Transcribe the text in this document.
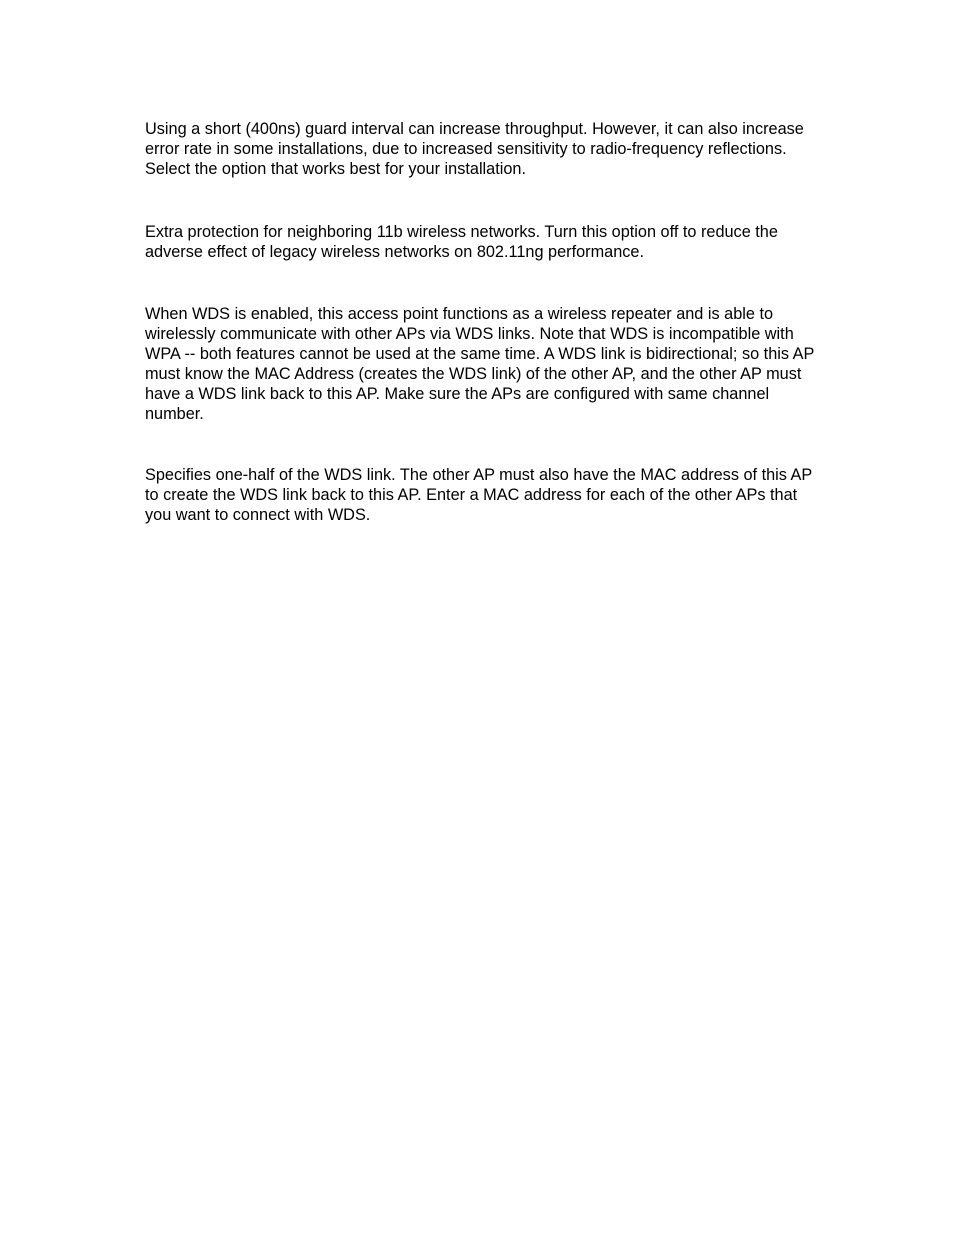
Using a short (400ns) guard interval can increase throughput. However, it can also increase
error rate in some installations, due to increased sensitivity to radio-frequency reflections.
Select the option that works best for your installation.

Extra protection for neighboring 11b wireless networks. Turn this option off to reduce the
adverse effect of legacy wireless networks on 802.11ng performance.

When WDS is enabled, this access point functions as a wireless repeater and is able to
wirelessly communicate with other APs via WDS links. Note that WDS is incompatible with
WPA -- both features cannot be used at the same time. A WDS link is bidirectional; so this AP
must know the MAC Address (creates the WDS link) of the other AP, and the other AP must
have a WDS link back to this AP. Make sure the APs are configured with same channel
number.

Specifies one-half of the WDS link. The other AP must also have the MAC address of this AP
to create the WDS link back to this AP. Enter a MAC address for each of the other APs that
you want to connect with WDS.
